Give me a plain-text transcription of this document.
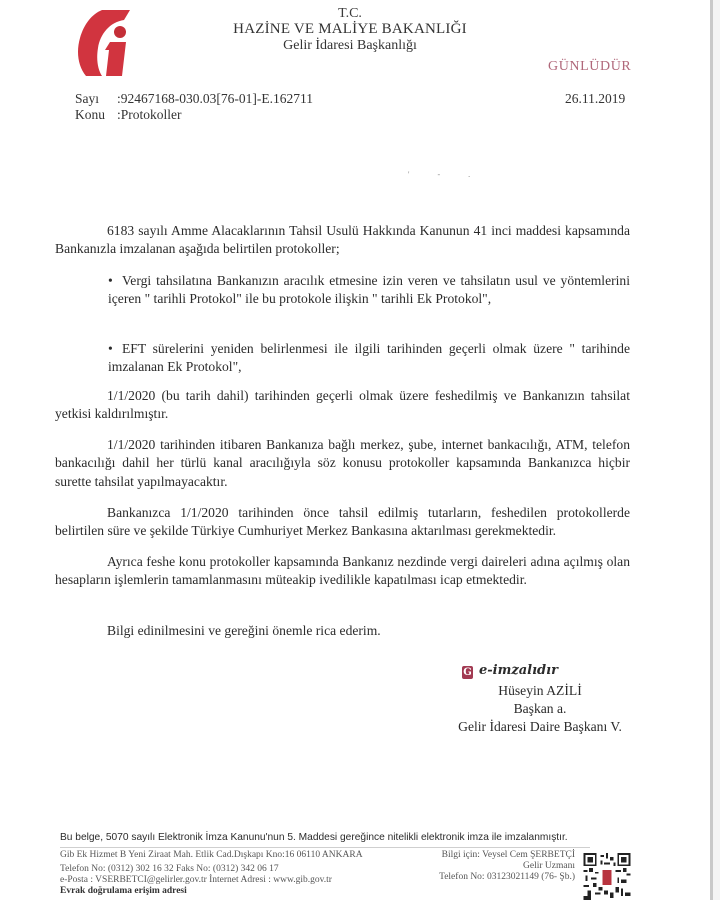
T.C.
HAZİNE VE MALİYE BAKANLIĞI
Gelir İdaresi Başkanlığı
GÜNLÜDÜR
Sayı :92467168-030.03[76-01]-E.162711
Konu :Protokoller
26.11.2019
'	-	.
6183 sayılı Amme Alacaklarının Tahsil Usulü Hakkında Kanunun 41 inci maddesi kapsamında Bankanızla imzalanan aşağıda belirtilen protokoller;
• Vergi tahsilatına Bankanızın aracılık etmesine izin veren ve tahsilatın usul ve yöntemlerini içeren " tarihli Protokol" ile bu protokole ilişkin " tarihli Ek Protokol",
• EFT sürelerini yeniden belirlenmesi ile ilgili tarihinden geçerli olmak üzere " tarihinde imzalanan Ek Protokol",
1/1/2020 (bu tarih dahil) tarihinden geçerli olmak üzere feshedilmiş ve Bankanızın tahsilat yetkisi kaldırılmıştır.
1/1/2020 tarihinden itibaren Bankanıza bağlı merkez, şube, internet bankacılığı, ATM, telefon bankacılığı dahil her türlü kanal aracılığıyla söz konusu protokoller kapsamında Bankanızca hiçbir surette tahsilat yapılmayacaktır.
Bankanızca 1/1/2020 tarihinden önce tahsil edilmiş tutarların, feshedilen protokollerde belirtilen süre ve şekilde Türkiye Cumhuriyet Merkez Bankasına aktarılması gerekmektedir.
Ayrıca feshe konu protokoller kapsamında Bankanız nezdinde vergi daireleri adına açılmış olan hesapların işlemlerin tamamlanmasını müteakip ivedilikle kapatılması icap etmektedir.
Bilgi edinilmesini ve gereğini önemle rica ederim.
G e-imzalıdır
Hüseyin AZİLİ
Başkan a.
Gelir İdaresi Daire Başkanı V.
Bu belge, 5070 sayılı Elektronik İmza Kanunu'nun 5. Maddesi gereğince nitelikli elektronik imza ile imzalanmıştır.
Gib Ek Hizmet B Yeni Ziraat Mah. Etlik Cad.Dışkapı Kno:16 06110 ANKARA
Telefon No: (0312) 302 16 32 Faks No: (0312) 342 06 17
e-Posta : VSERBETCI@gelirler.gov.tr İnternet Adresi : www.gib.gov.tr
Evrak doğrulama erişim adresi
Bilgi için: Veysel Cem ŞERBETÇİ
Gelir Uzmanı
Telefon No: 03123021149 (76- Şb.)
